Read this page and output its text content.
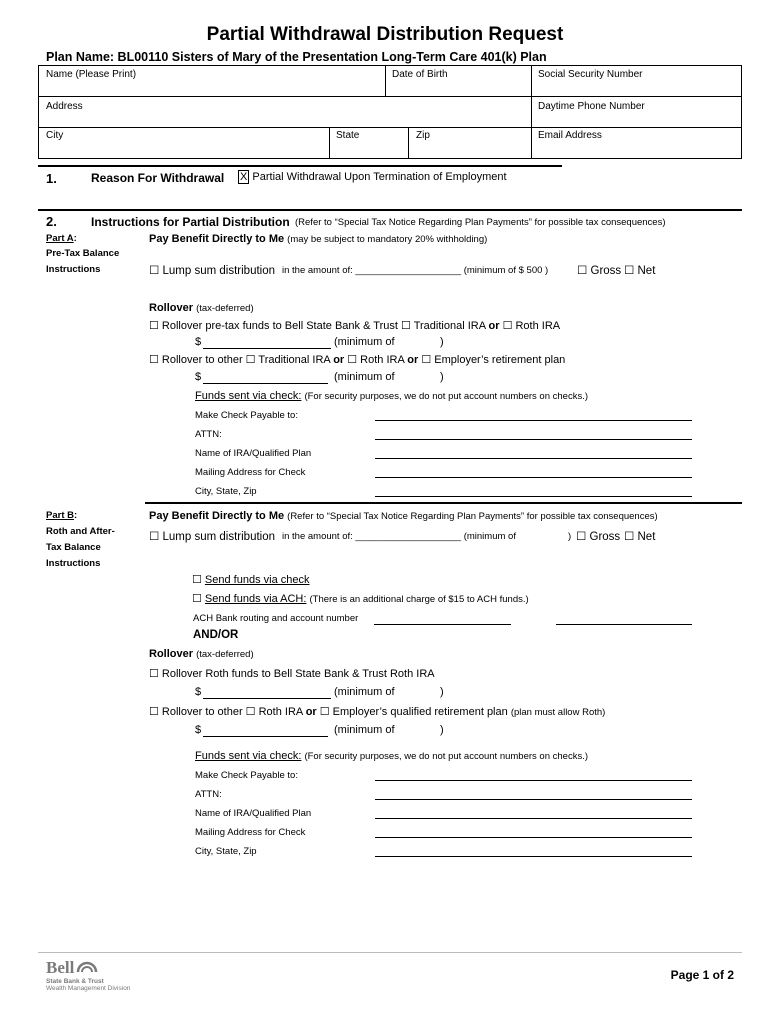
Partial Withdrawal Distribution Request
Plan Name: BL00110 Sisters of Mary of the Presentation Long-Term Care 401(k) Plan
Name (Please Print)	Date of Birth	Social Security Number
Address	Daytime Phone Number
City	State	Zip	Email Address
1.	Reason For Withdrawal X Partial Withdrawal Upon Termination of Employment
2.	Instructions for Partial Distribution (Refer to “Special Tax Notice Regarding Plan Payments” for possible tax consequences)
Part A:
Pre-Tax Balance
Instructions
Pay Benefit Directly to Me (may be subject to mandatory 20% withholding)
☐ Lump sum distribution in the amount of: ____________________ (minimum of $ 500 )	☐ Gross ☐ Net
Rollover (tax-deferred)
☐ Rollover pre-tax funds to Bell State Bank & Trust ☐ Traditional IRA or ☐ Roth IRA
$	(minimum of	)
☐ Rollover to other ☐ Traditional IRA or ☐ Roth IRA or ☐ Employer’s retirement plan
$	(minimum of	)
Funds sent via check: (For security purposes, we do not put account numbers on checks.)
Make Check Payable to:
ATTN:
Name of IRA/Qualified Plan
Mailing Address for Check
City, State, Zip
Part B:
Roth and After-
Tax Balance
Instructions
Pay Benefit Directly to Me (Refer to “Special Tax Notice Regarding Plan Payments” for possible tax consequences)
☐ Lump sum distribution in the amount of: ____________________ (minimum of	) ☐ Gross ☐ Net
☐ Send funds via check
☐ Send funds via ACH: (There is an additional charge of $15 to ACH funds.)
ACH Bank routing and account number
AND/OR
Rollover (tax-deferred)
☐ Rollover Roth funds to Bell State Bank & Trust Roth IRA
$	(minimum of	)
☐ Rollover to other ☐ Roth IRA or ☐ Employer’s qualified retirement plan (plan must allow Roth)
$	(minimum of	)
Funds sent via check: (For security purposes, we do not put account numbers on checks.)
Make Check Payable to:
ATTN:
Name of IRA/Qualified Plan
Mailing Address for Check
City, State, Zip
Bell
State Bank & Trust
Wealth Management Division
Page 1 of 2
